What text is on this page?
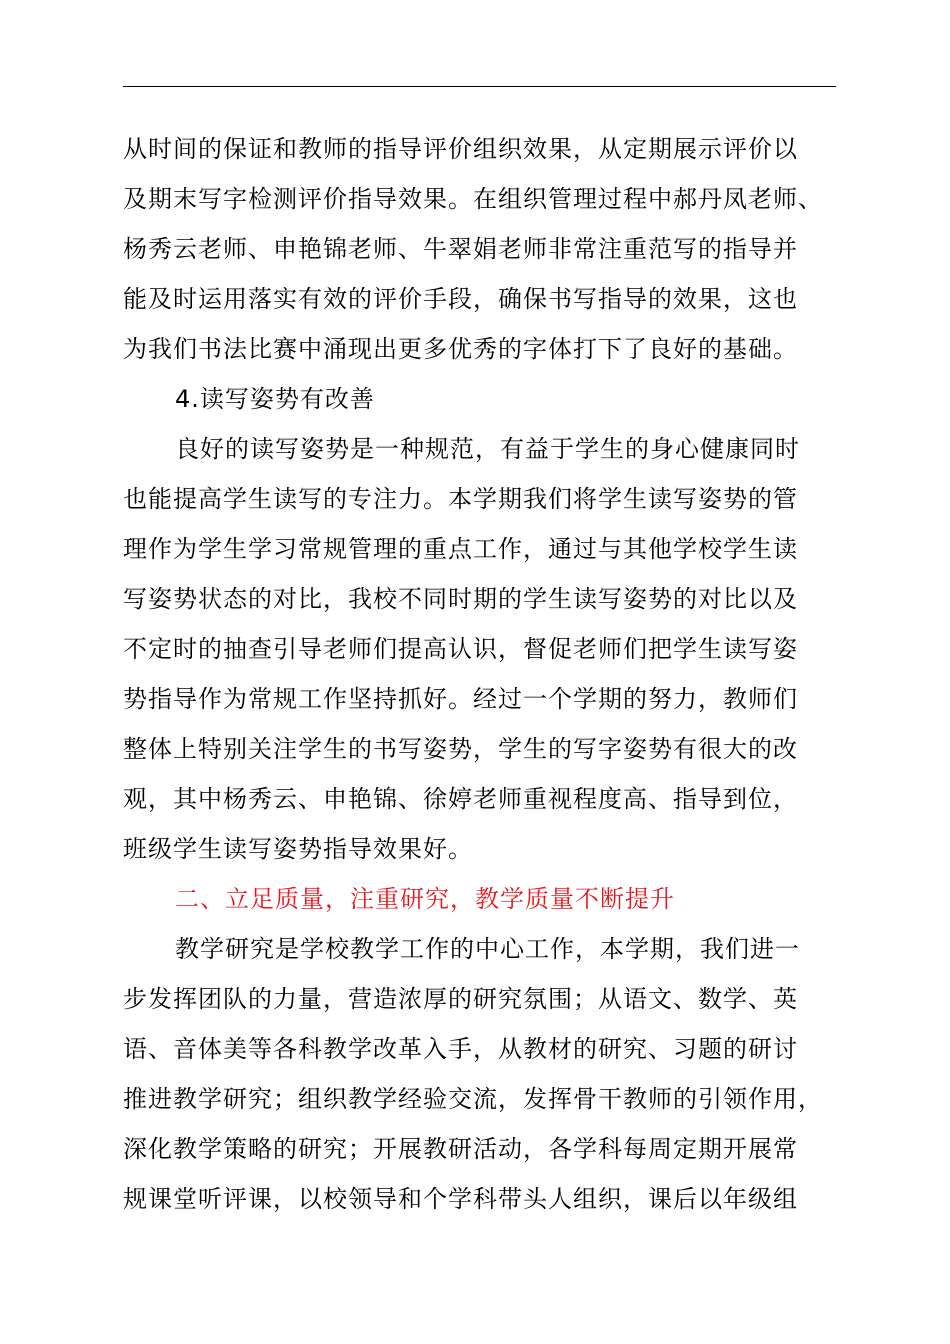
从时间的保证和教师的指导评价组织效果，从定期展示评价以
及期末写字检测评价指导效果。在组织管理过程中郝丹凤老师、
杨秀云老师、申艳锦老师、牛翠娟老师非常注重范写的指导并
能及时运用落实有效的评价手段，确保书写指导的效果，这也
为我们书法比赛中涌现出更多优秀的字体打下了良好的基础。
4.读写姿势有改善
良好的读写姿势是一种规范，有益于学生的身心健康同时
也能提高学生读写的专注力。本学期我们将学生读写姿势的管
理作为学生学习常规管理的重点工作，通过与其他学校学生读
写姿势状态的对比，我校不同时期的学生读写姿势的对比以及
不定时的抽查引导老师们提高认识，督促老师们把学生读写姿
势指导作为常规工作坚持抓好。经过一个学期的努力，教师们
整体上特别关注学生的书写姿势，学生的写字姿势有很大的改
观，其中杨秀云、申艳锦、徐婷老师重视程度高、指导到位，
班级学生读写姿势指导效果好。
二、立足质量，注重研究，教学质量不断提升
教学研究是学校教学工作的中心工作，本学期，我们进一
步发挥团队的力量，营造浓厚的研究氛围；从语文、数学、英
语、音体美等各科教学改革入手，从教材的研究、习题的研讨
推进教学研究；组织教学经验交流，发挥骨干教师的引领作用，
深化教学策略的研究；开展教研活动，各学科每周定期开展常
规课堂听评课，以校领导和个学科带头人组织，课后以年级组
